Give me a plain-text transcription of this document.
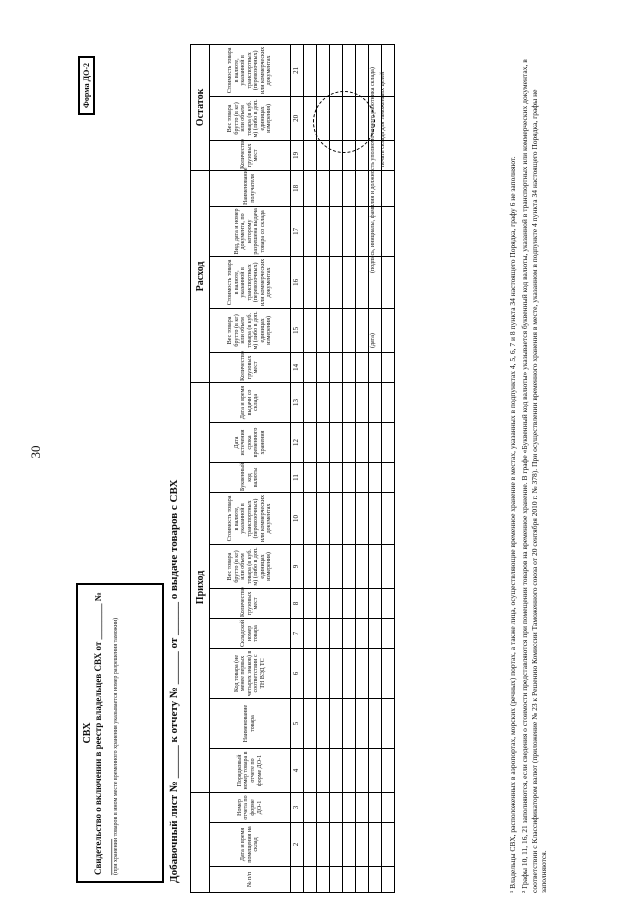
30
СВХ Свидетельство о включении в реестр владельцев СВХ от ________ № ________ (при хранении товаров в ином месте временного хранения указывается номер разрешения таможни)
Форма ДО-2
Добавочный лист № ______ к отчету № ______ от ______ о выдаче товаров с СВХ
			Приход										Расход					Остаток		
№ п/п	Дата и время помещения на склад	Номер отчета по форме ДО-1	Порядковый номер товара в отчете по форме ДО-1	Наименование товара	Код товара (не менее первых четырех знаков) в соответствии с ТН ВЭД ТС	Складской номер товара	Количество грузовых мест	Вес товара брутто (в кг) или объем товара (в куб. м) (либо в доп. единицах измерения)	Стоимость товара в валюте, указанной в транспортных (перевозочных) или коммерческих документах	Буквенный код валюты	Дата истечения срока временного хранения	Дата и время выдачи со склада	Количество грузовых мест	Вес товара брутто (в кг) или объем товара (в куб. м) (либо в доп. единицах измерения)	Стоимость товара в валюте, указанной в транспортных (перевозочных) или коммерческих документах	Вид, дата и номер документа, по которому разрешена выдача товара со склада	Наименование получателя	Количество грузовых мест	Вес товара брутто (в кг) или объем товара (в куб. м) (либо в доп. единицах измерения)	Стоимость товара в валюте, указанной в транспортных (перевозочных) или коммерческих документах
	2	3	4	5	6	7	8	9	10	11	12	13	14	15	16	17	18	19	20	21

(дата)
(подпись, инициалы, фамилия и должность уполномоченного работника склада) печать склада для таможенных целей
¹ Владельцы СВХ, расположенных в аэропортах, морских (речных) портах, а также лица, осуществляющие временное хранение в местах, указанных в подпунктах 4, 5, 6, 7 и 8 пункта 34 настоящего Порядка, графу 6 не заполняют. ² Графы 10, 11, 16, 21 заполняются, если сведения о стоимости представляются при помещении товаров на временное хранение. В графе «Буквенный код валюты» указывается буквенный код валюты, указанной в транспортных или коммерческих документах, в соответствии с Классификатором валют (приложение № 23 к Решению Комиссии Таможенного союза от 20 сентября 2010 г. № 378). При осуществлении временного хранения в месте, указанном в подпункте 4 пункта 34 настоящего Порядка, графы не заполняются.
